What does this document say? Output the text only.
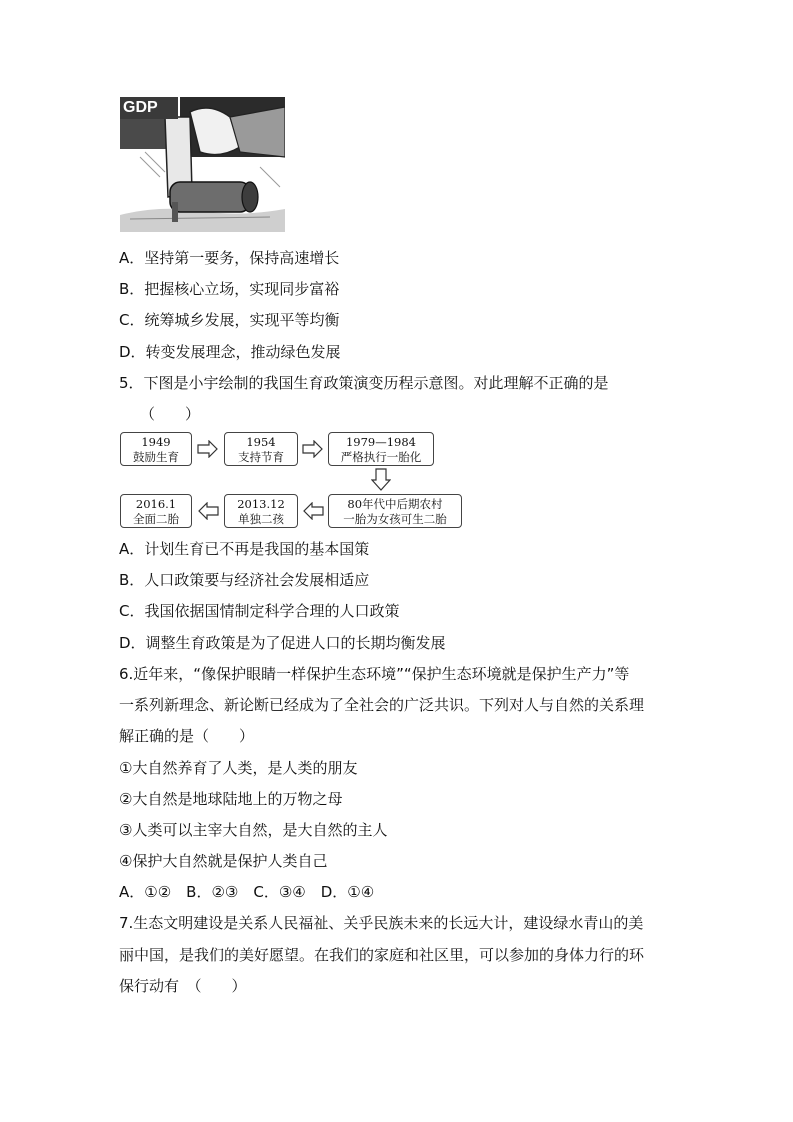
GDP
A．坚持第一要务，保持高速增长
B．把握核心立场，实现同步富裕
C．统筹城乡发展，实现平等均衡
D．转变发展理念，推动绿色发展
5．下图是小宇绘制的我国生育政策演变历程示意图。对此理解不正确的是
（　　）
1949
鼓励生育
1954
支持节育
1979—1984
严格执行一胎化
80年代中后期农村
一胎为女孩可生二胎
2013.12
单独二孩
2016.1
全面二胎
A．计划生育已不再是我国的基本国策
B．人口政策要与经济社会发展相适应
C．我国依据国情制定科学合理的人口政策
D．调整生育政策是为了促进人口的长期均衡发展
6.近年来，“像保护眼睛一样保护生态环境”“保护生态环境就是保护生产力”等
一系列新理念、新论断已经成为了全社会的广泛共识。下列对人与自然的关系理
解正确的是（　　）
①大自然养育了人类，是人类的朋友
②大自然是地球陆地上的万物之母
③人类可以主宰大自然，是大自然的主人
④保护大自然就是保护人类自己
A．①②　B．②③　C．③④　D．①④
7.生态文明建设是关系人民福祉、关乎民族未来的长远大计，建设绿水青山的美
丽中国，是我们的美好愿望。在我们的家庭和社区里，可以参加的身体力行的环
保行动有　（　　）
